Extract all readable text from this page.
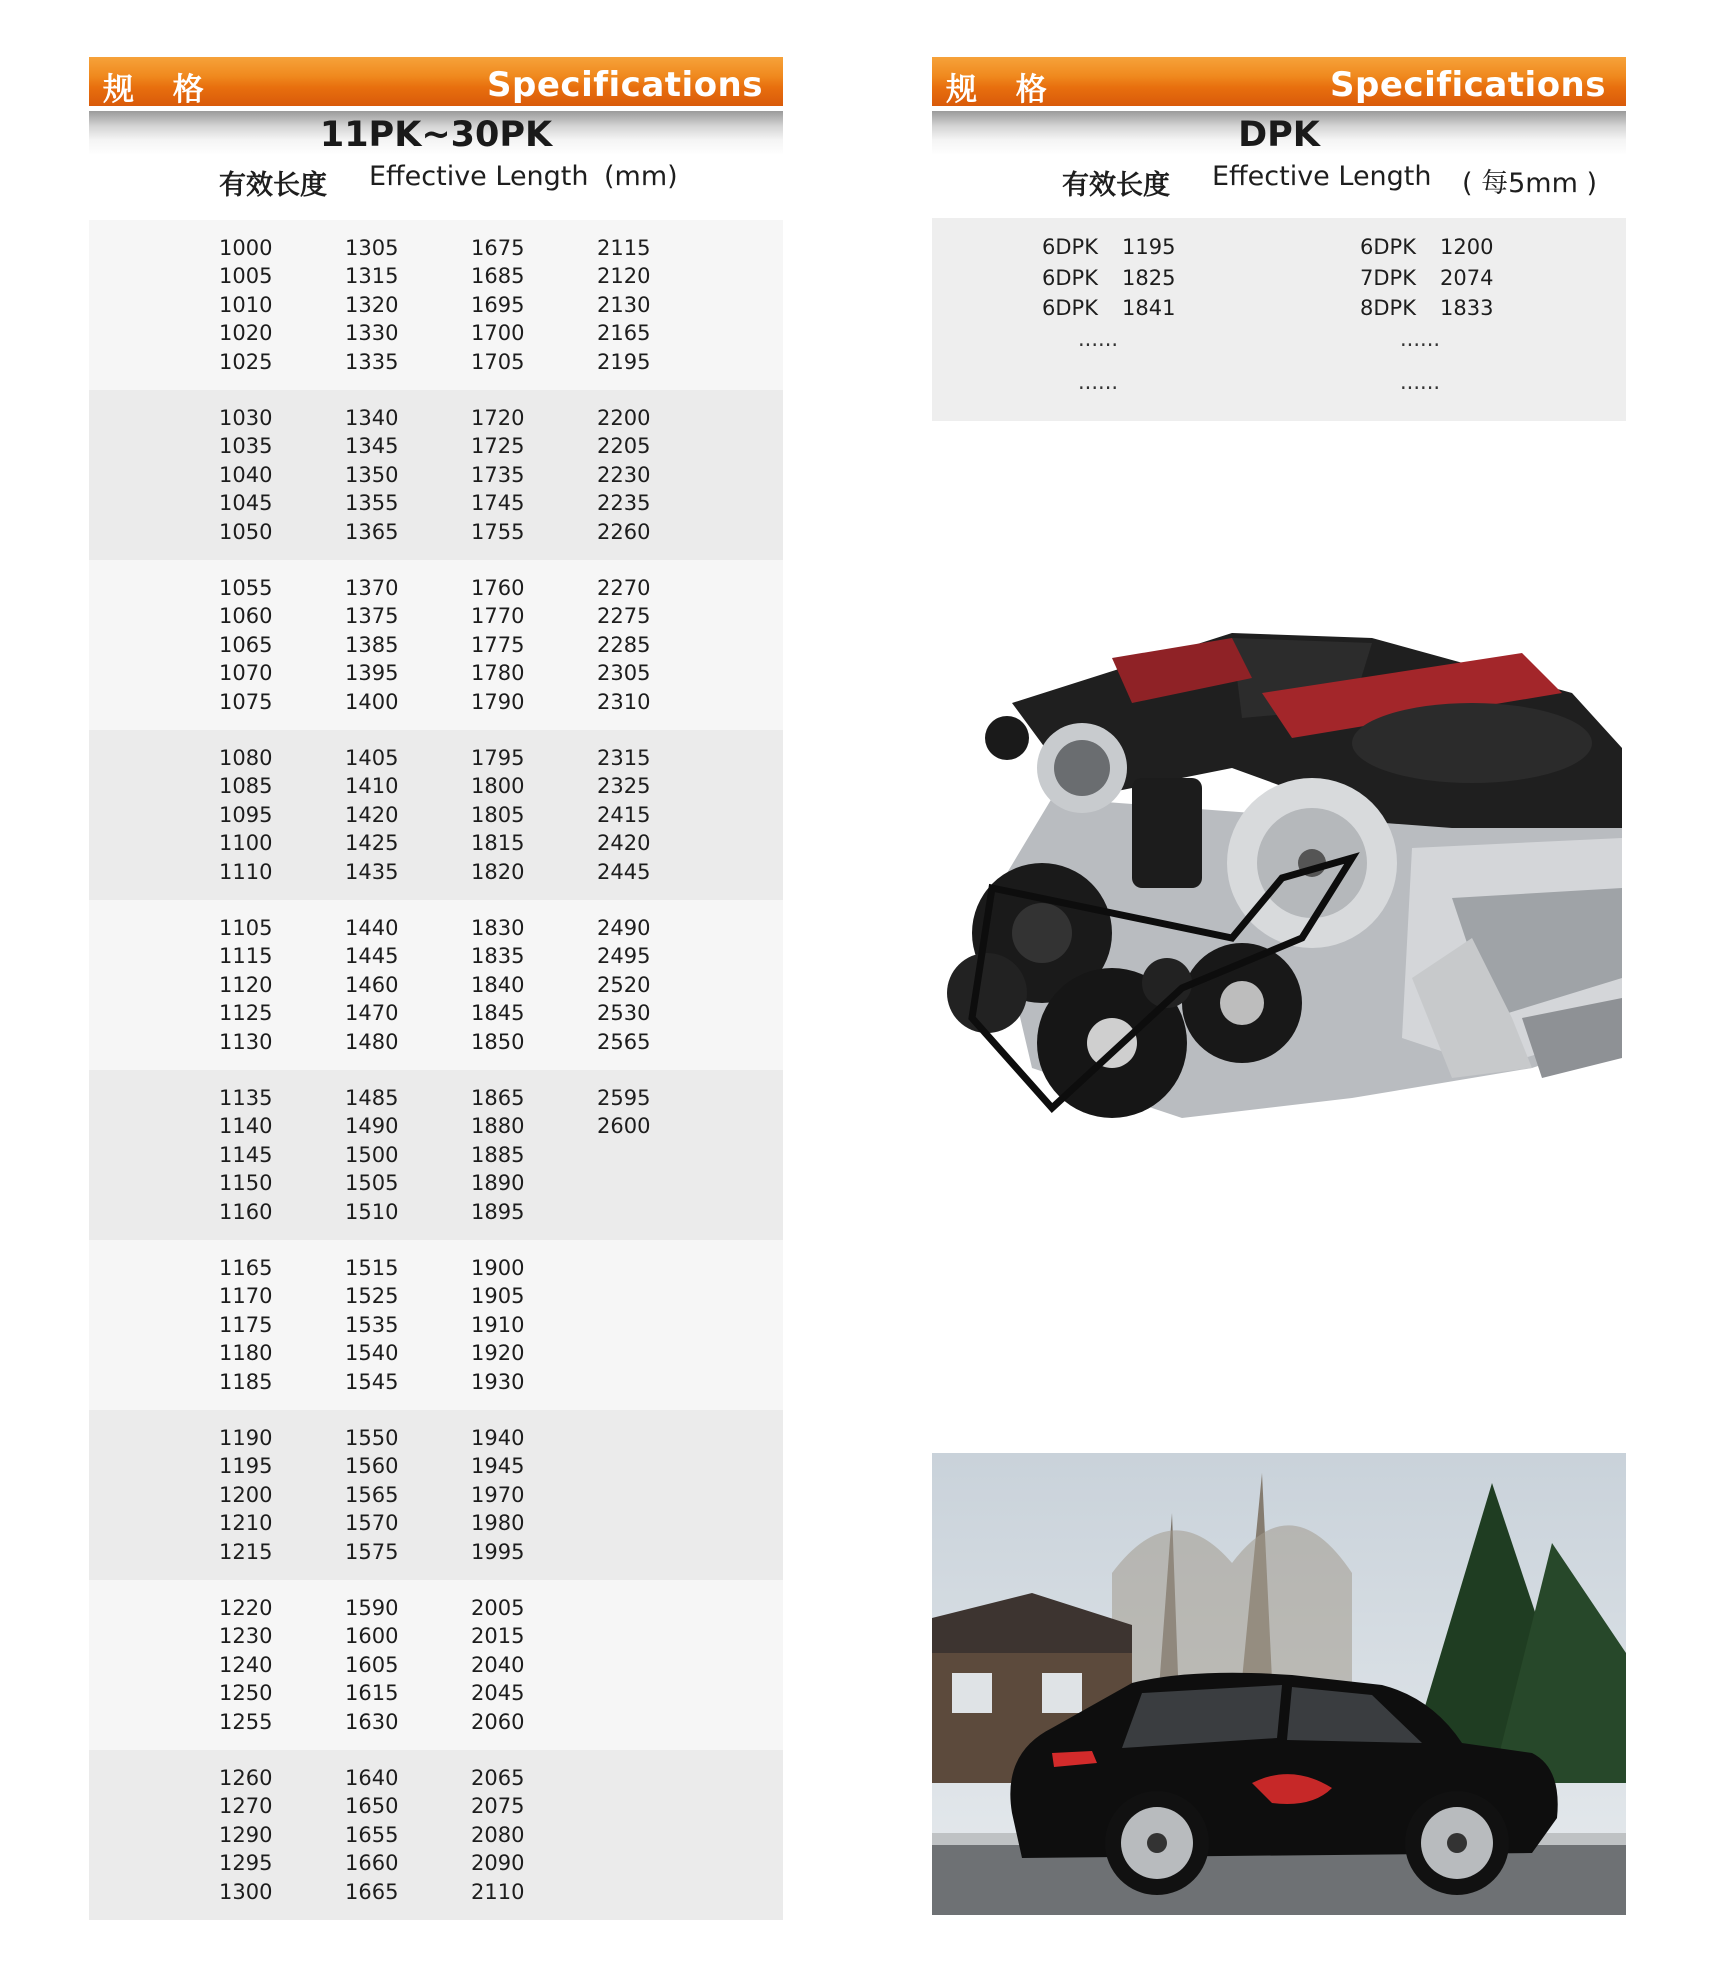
规 格	Specifications
11PK~30PK
有效长度 Effective Length (mm)
1000
1005
1010
1020
1025
1305
1315
1320
1330
1335
1675
1685
1695
1700
1705
2115
2120
2130
2165
2195
1030
1035
1040
1045
1050
1340
1345
1350
1355
1365
1720
1725
1735
1745
1755
2200
2205
2230
2235
2260
1055
1060
1065
1070
1075
1370
1375
1385
1395
1400
1760
1770
1775
1780
1790
2270
2275
2285
2305
2310
1080
1085
1095
1100
1110
1405
1410
1420
1425
1435
1795
1800
1805
1815
1820
2315
2325
2415
2420
2445
1105
1115
1120
1125
1130
1440
1445
1460
1470
1480
1830
1835
1840
1845
1850
2490
2495
2520
2530
2565
1135
1140
1145
1150
1160
1485
1490
1500
1505
1510
1865
1880
1885
1890
1895
2595
2600
1165
1170
1175
1180
1185
1515
1525
1535
1540
1545
1900
1905
1910
1920
1930
1190
1195
1200
1210
1215
1550
1560
1565
1570
1575
1940
1945
1970
1980
1995
1220
1230
1240
1250
1255
1590
1600
1605
1615
1630
2005
2015
2040
2045
2060
1260
1270
1290
1295
1300
1640
1650
1655
1660
1665
2065
2075
2080
2090
2110
规 格	Specifications
DPK
有效长度 Effective Length ( 每5mm )
6DPK 1195
6DPK 1825
6DPK 1841
......
......
6DPK 1200
7DPK 2074
8DPK 1833
......
......
